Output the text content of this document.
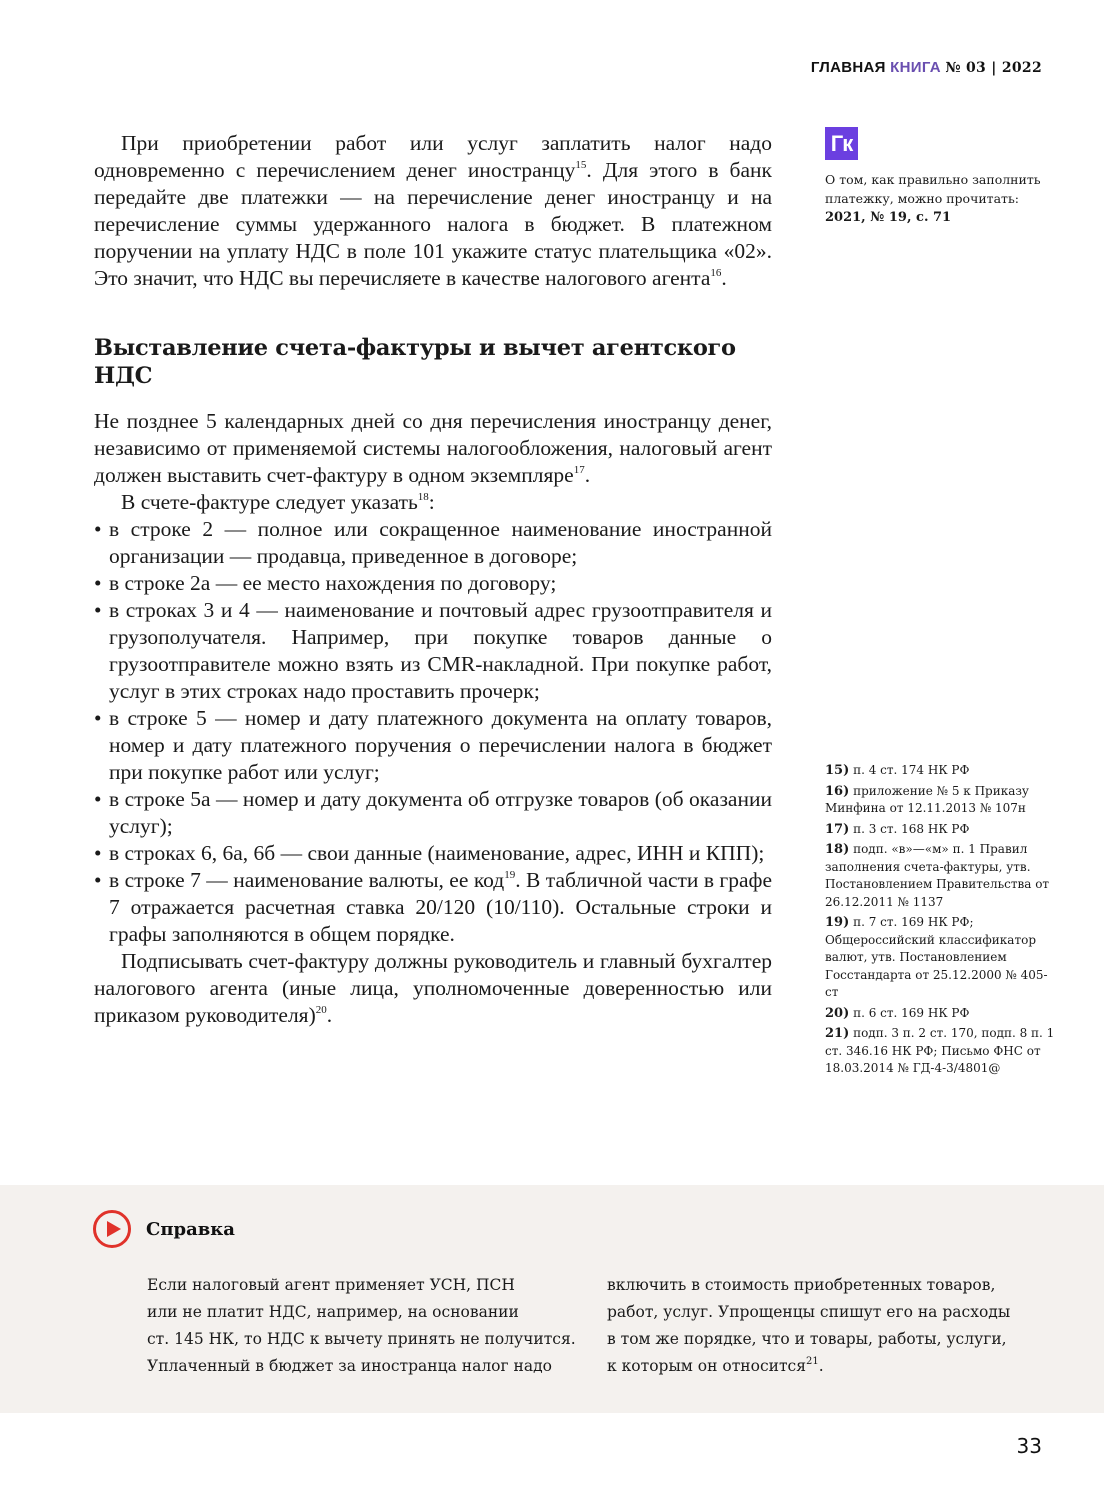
ГЛАВНАЯ КНИГА № 03 | 2022

При приобретении работ или услуг заплатить налог надо одновременно с перечислением денег иностранцу$^{15}$. Для этого в банк передайте две платежки — на перечисление денег иностранцу и на перечисление суммы удержанного налога в бюджет. В платежном поручении на уплату НДС в поле 101 укажите статус плательщика «02». Это значит, что НДС вы перечисляете в качестве налогового агента$^{16}$.

Выставление счета-фактуры и вычет агентского НДС

Не позднее 5 календарных дней со дня перечисления иностранцу денег, независимо от применяемой системы налогообложения, налоговый агент должен выставить счет-фактуру в одном экземпляре$^{17}$.

В счете-фактуре следует указать$^{18}$:

• в строке 2 — полное или сокращенное наименование иностранной организации — продавца, приведенное в договоре;
• в строке 2а — ее место нахождения по договору;
• в строках 3 и 4 — наименование и почтовый адрес грузоотправителя и грузополучателя. Например, при покупке товаров данные о грузоотправителе можно взять из CMR-накладной. При покупке работ, услуг в этих строках надо проставить прочерк;
• в строке 5 — номер и дату платежного документа на оплату товаров, номер и дату платежного поручения о перечислении налога в бюджет при покупке работ или услуг;
• в строке 5а — номер и дату документа об отгрузке товаров (об оказании услуг);
• в строках 6, 6а, 6б — свои данные (наименование, адрес, ИНН и КПП);
• в строке 7 — наименование валюты, ее код$^{19}$. В табличной части в графе 7 отражается расчетная ставка 20/120 (10/110). Остальные строки и графы заполняются в общем порядке.

Подписывать счет-фактуру должны руководитель и главный бухгалтер налогового агента (иные лица, уполномоченные доверенностью или приказом руководителя)$^{20}$.

Гк
О том, как правильно заполнить платежку, можно прочитать:
2021, № 19, с. 71
15) п. 4 ст. 174 НК РФ
16) приложение № 5 к Приказу Минфина от 12.11.2013 № 107н
17) п. 3 ст. 168 НК РФ
18) подп. «в»—«м» п. 1 Правил заполнения счета-фактуры, утв. Постановлением Правительства от 26.12.2011 № 1137
19) п. 7 ст. 169 НК РФ; Общероссийский классификатор валют, утв. Постановлением Госстандарта от 25.12.2000 № 405-ст
20) п. 6 ст. 169 НК РФ
21) подп. 3 п. 2 ст. 170, подп. 8 п. 1 ст. 346.16 НК РФ; Письмо ФНС от 18.03.2014 № ГД-4-3/4801@
Справка
Если налоговый агент применяет УСН, ПСН
или не платит НДС, например, на основании
ст. 145 НК, то НДС к вычету принять не получится.
Уплаченный в бюджет за иностранца налог надо
включить в стоимость приобретенных товаров,
работ, услуг. Упрощенцы спишут его на расходы
в том же порядке, что и товары, работы, услуги,
к которым он относится$^{21}$.
33
